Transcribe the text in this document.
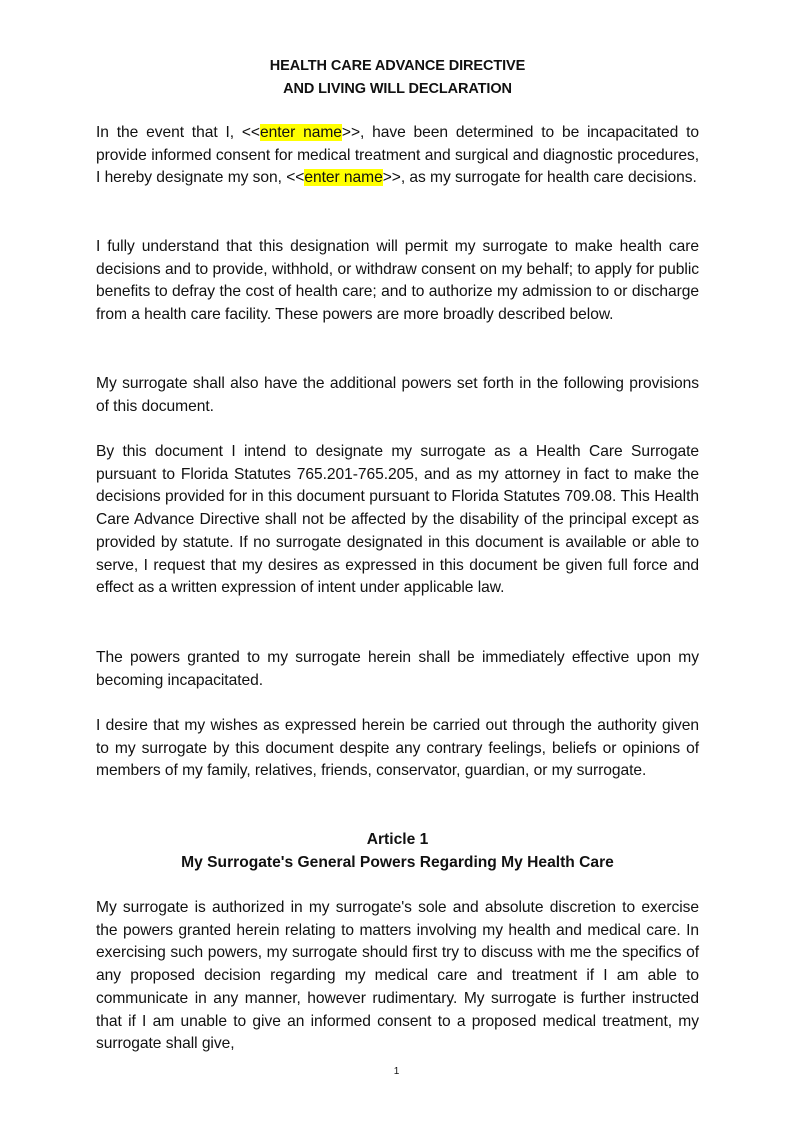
HEALTH CARE ADVANCE DIRECTIVE
AND LIVING WILL DECLARATION

In the event that I, <<enter name>>, have been determined to be incapacitated to provide informed consent for medical treatment and surgical and diagnostic procedures, I hereby designate my son, <<enter name>>, as my surrogate for health care decisions.

I fully understand that this designation will permit my surrogate to make health care decisions and to provide, withhold, or withdraw consent on my behalf; to apply for public benefits to defray the cost of health care; and to authorize my admission to or discharge from a health care facility. These powers are more broadly described below.

My surrogate shall also have the additional powers set forth in the following provisions of this document.

By this document I intend to designate my surrogate as a Health Care Surrogate pursuant to Florida Statutes 765.201-765.205, and as my attorney in fact to make the decisions provided for in this document pursuant to Florida Statutes 709.08. This Health Care Advance Directive shall not be affected by the disability of the principal except as provided by statute. If no surrogate designated in this document is available or able to serve, I request that my desires as expressed in this document be given full force and effect as a written expression of intent under applicable law.

The powers granted to my surrogate herein shall be immediately effective upon my becoming incapacitated.

I desire that my wishes as expressed herein be carried out through the authority given to my surrogate by this document despite any contrary feelings, beliefs or opinions of members of my family, relatives, friends, conservator, guardian, or my surrogate.

Article 1
My Surrogate's General Powers Regarding My Health Care

My surrogate is authorized in my surrogate's sole and absolute discretion to exercise the powers granted herein relating to matters involving my health and medical care. In exercising such powers, my surrogate should first try to discuss with me the specifics of any proposed decision regarding my medical care and treatment if I am able to communicate in any manner, however rudimentary. My surrogate is further instructed that if I am unable to give an informed consent to a proposed medical treatment, my surrogate shall give,

1
